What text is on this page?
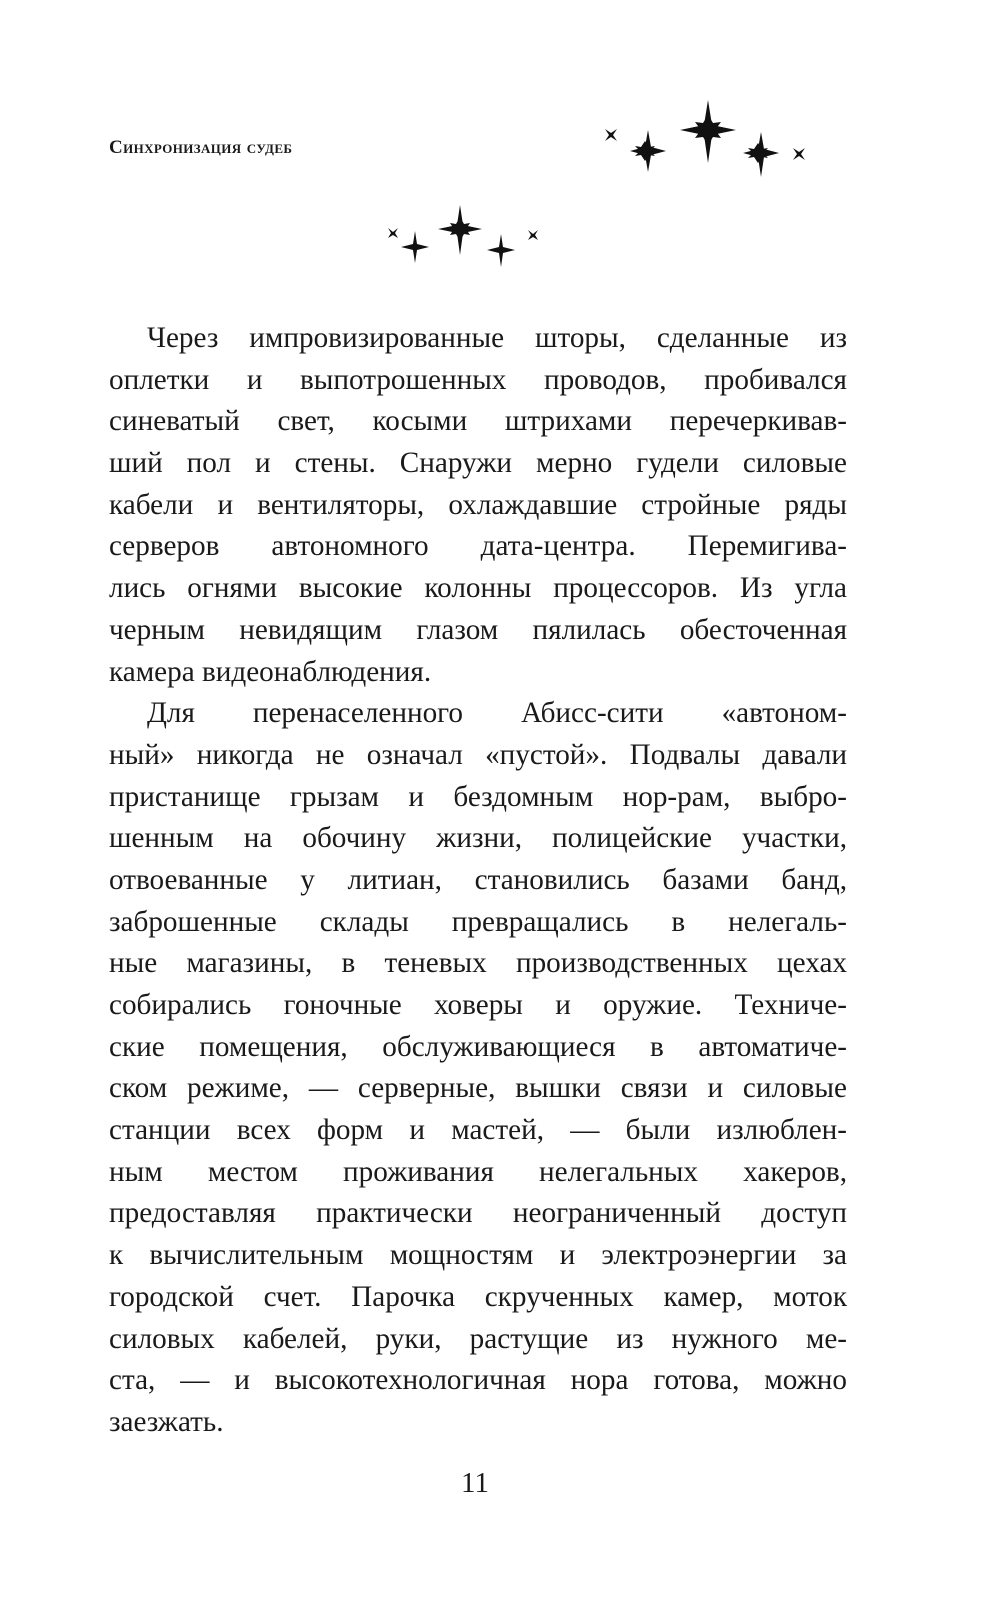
Синхронизация судеб
Через импровизированные шторы, сделанные из
оплетки и выпотрошенных проводов, пробивался
синеватый свет, косыми штрихами перечеркивав-
ший пол и стены. Снаружи мерно гудели силовые
кабели и вентиляторы, охлаждавшие стройные ряды
серверов автономного дата-центра. Перемигива-
лись огнями высокие колонны процессоров. Из угла
черным невидящим глазом пялилась обесточенная
камера видеонаблюдения.
Для перенаселенного Абисс-сити «автоном-
ный» никогда не означал «пустой». Подвалы давали
пристанище грызам и бездомным нор-рам, выбро-
шенным на обочину жизни, полицейские участки,
отвоеванные у литиан, становились базами банд,
заброшенные склады превращались в нелегаль-
ные магазины, в теневых производственных цехах
собирались гоночные ховеры и оружие. Техниче-
ские помещения, обслуживающиеся в автоматиче-
ском режиме, — серверные, вышки связи и силовые
станции всех форм и мастей, — были излюблен-
ным местом проживания нелегальных хакеров,
предоставляя практически неограниченный доступ
к вычислительным мощностям и электроэнергии за
городской счет. Парочка скрученных камер, моток
силовых кабелей, руки, растущие из нужного ме-
ста, — и высокотехнологичная нора готова, можно
заезжать.
11
